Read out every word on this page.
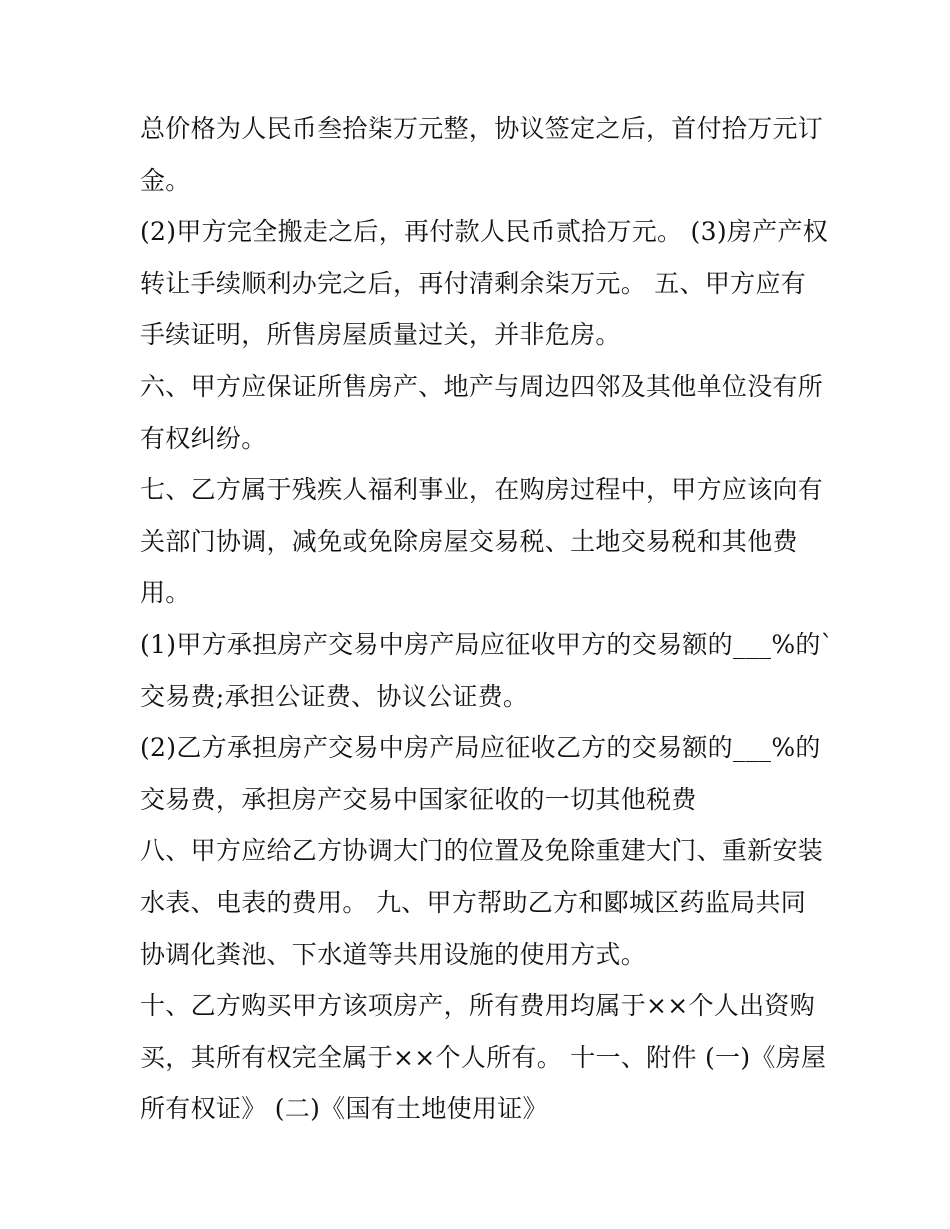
总价格为人民币叁拾柒万元整，协议签定之后，首付拾万元订
金。
(2)甲方完全搬走之后，再付款人民币贰拾万元。 (3)房产产权
转让手续顺利办完之后，再付清剩余柒万元。 五、甲方应有
手续证明，所售房屋质量过关，并非危房。
六、甲方应保证所售房产、地产与周边四邻及其他单位没有所
有权纠纷。
七、乙方属于残疾人福利事业，在购房过程中，甲方应该向有
关部门协调，减免或免除房屋交易税、土地交易税和其他费
用。
(1)甲方承担房产交易中房产局应征收甲方的交易额的___%的`
交易费;承担公证费、协议公证费。
(2)乙方承担房产交易中房产局应征收乙方的交易额的___%的
交易费，承担房产交易中国家征收的一切其他税费
八、甲方应给乙方协调大门的位置及免除重建大门、重新安装
水表、电表的费用。 九、甲方帮助乙方和郾城区药监局共同
协调化粪池、下水道等共用设施的使用方式。
十、乙方购买甲方该项房产，所有费用均属于××个人出资购
买，其所有权完全属于××个人所有。 十一、附件 (一)《房屋
所有权证》 (二)《国有土地使用证》
